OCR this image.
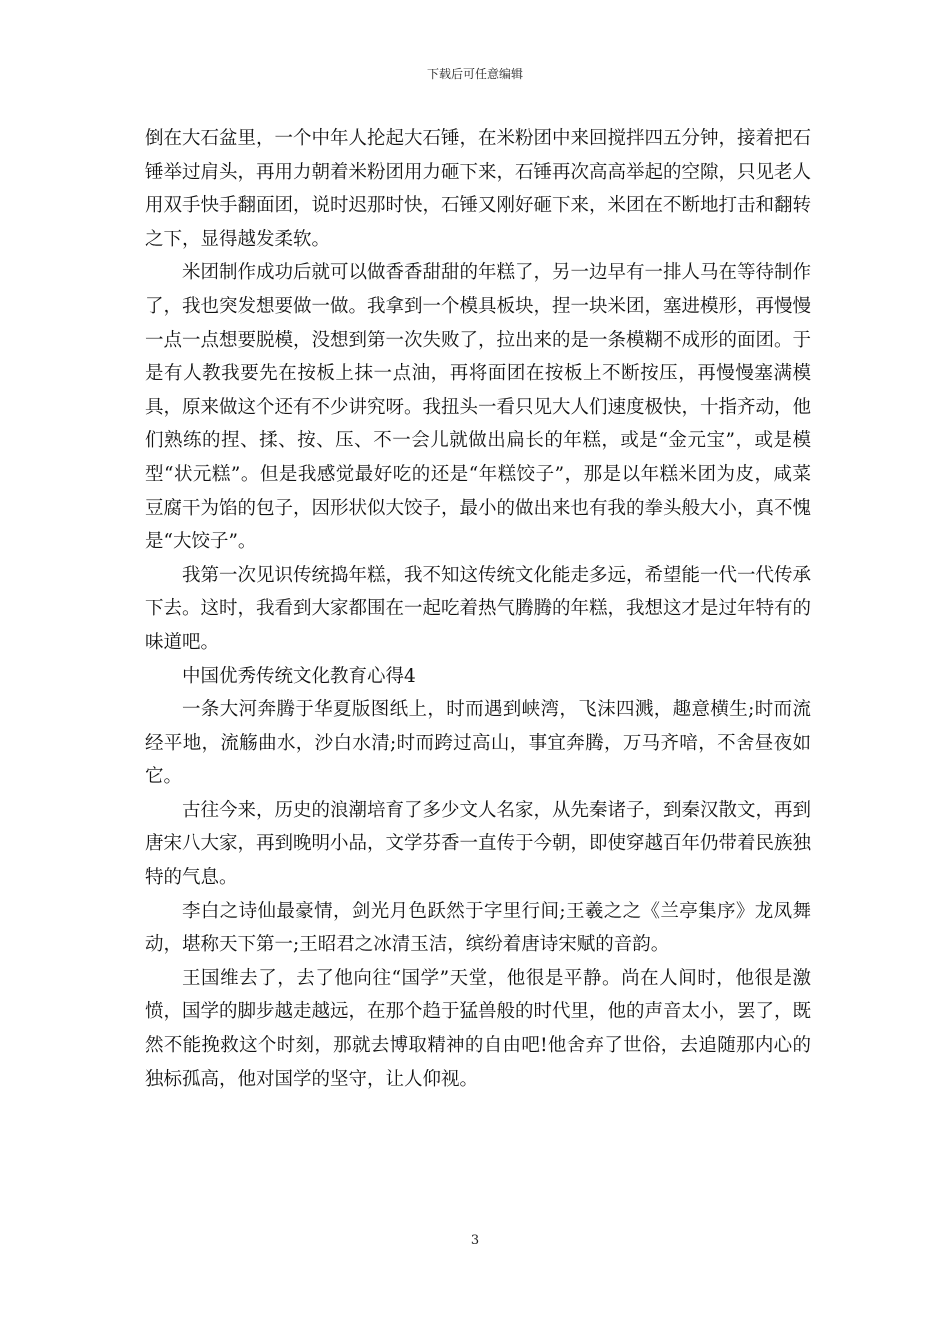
下载后可任意编辑

倒在大石盆里，一个中年人抡起大石锤，在米粉团中来回搅拌四五分钟，接着把石锤举过肩头，再用力朝着米粉团用力砸下来，石锤再次高高举起的空隙，只见老人用双手快手翻面团，说时迟那时快，石锤又刚好砸下来，米团在不断地打击和翻转之下，显得越发柔软。

米团制作成功后就可以做香香甜甜的年糕了，另一边早有一排人马在等待制作了，我也突发想要做一做。我拿到一个模具板块，捏一块米团，塞进模形，再慢慢一点一点想要脱模，没想到第一次失败了，拉出来的是一条模糊不成形的面团。于是有人教我要先在按板上抹一点油，再将面团在按板上不断按压，再慢慢塞满模具，原来做这个还有不少讲究呀。我扭头一看只见大人们速度极快，十指齐动，他们熟练的捏、揉、按、压、不一会儿就做出扁长的年糕，或是“金元宝”，或是模型“状元糕”。但是我感觉最好吃的还是“年糕饺子”，那是以年糕米团为皮，咸菜豆腐干为馅的包子，因形状似大饺子，最小的做出来也有我的拳头般大小，真不愧是“大饺子”。

我第一次见识传统捣年糕，我不知这传统文化能走多远，希望能一代一代传承下去。这时，我看到大家都围在一起吃着热气腾腾的年糕，我想这才是过年特有的味道吧。

中国优秀传统文化教育心得4

一条大河奔腾于华夏版图纸上，时而遇到峡湾，飞沫四溅，趣意横生;时而流经平地，流觞曲水，沙白水清;时而跨过高山，事宜奔腾，万马齐喑，不舍昼夜如它。

古往今来，历史的浪潮培育了多少文人名家，从先秦诸子，到秦汉散文，再到唐宋八大家，再到晚明小品，文学芬香一直传于今朝，即使穿越百年仍带着民族独特的气息。

李白之诗仙最豪情，剑光月色跃然于字里行间;王羲之之《兰亭集序》龙凤舞动，堪称天下第一;王昭君之冰清玉洁，缤纷着唐诗宋赋的音韵。

王国维去了，去了他向往“国学”天堂，他很是平静。尚在人间时，他很是激愤，国学的脚步越走越远，在那个趋于猛兽般的时代里，他的声音太小，罢了，既然不能挽救这个时刻，那就去博取精神的自由吧!他舍弃了世俗，去追随那内心的独标孤高，他对国学的坚守，让人仰视。

3
